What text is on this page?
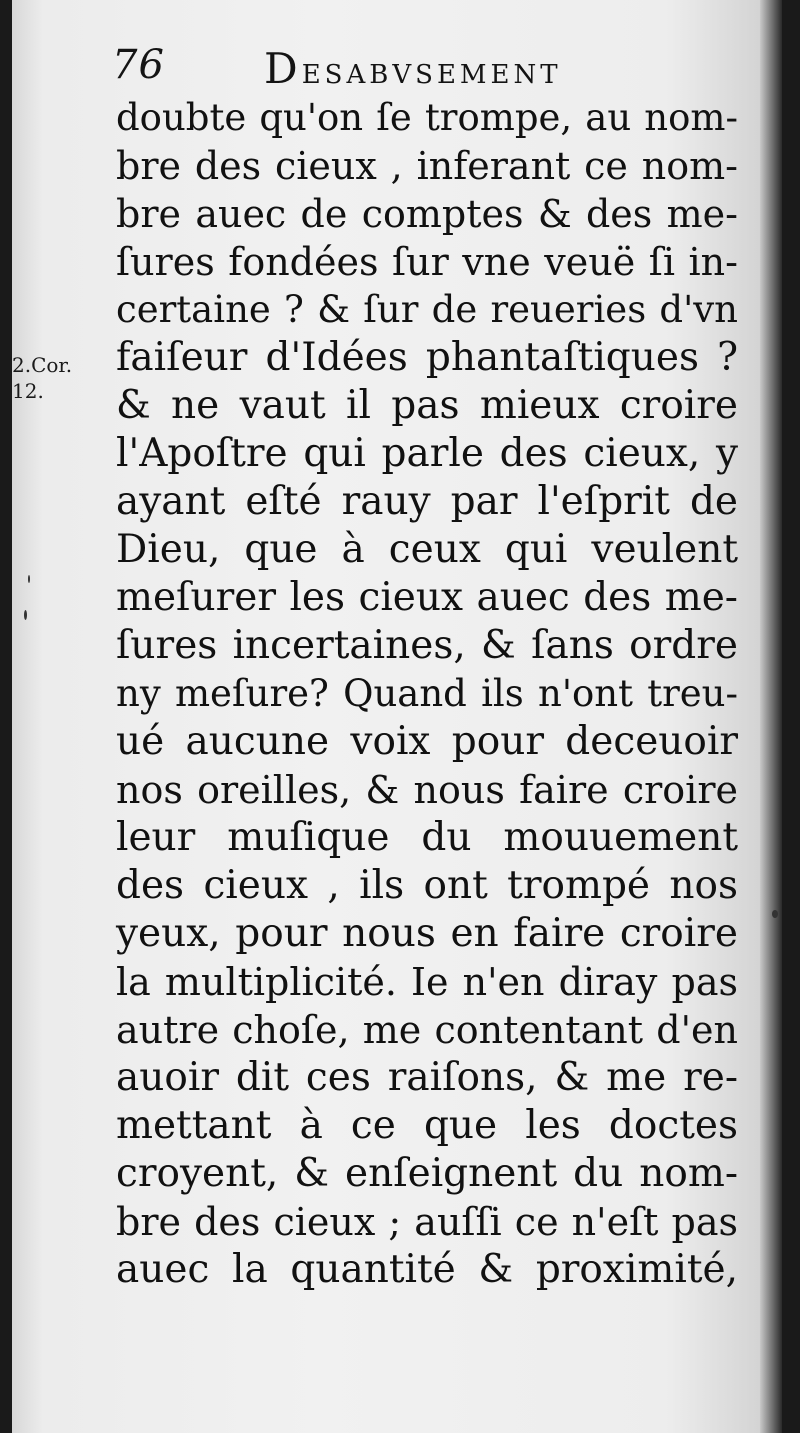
76 DESABVSEMENT
2.Cor.
12.
doubte qu'on ſe trompe, au nom-
bre des cieux , inferant ce nom-
bre auec de comptes & des me-
ſures fondées ſur vne veuë ſi in-
certaine ? & ſur de reueries d'vn
faiſeur d'Idées phantaſtiques ?
& ne vaut il pas mieux croire
l'Apoſtre qui parle des cieux, y
ayant eſté rauy par l'eſprit de
Dieu, que à ceux qui veulent
meſurer les cieux auec des me-
ſures incertaines, & ſans ordre
ny meſure? Quand ils n'ont treu-
ué aucune voix pour deceuoir
nos oreilles, & nous faire croire
leur muſique du mouuement
des cieux , ils ont trompé nos
yeux, pour nous en faire croire
la multiplicité. Ie n'en diray pas
autre choſe, me contentant d'en
auoir dit ces raiſons, & me re-
mettant à ce que les doctes
croyent, & enſeignent du nom-
bre des cieux ; auſſi ce n'eſt pas
auec la quantité & proximité,
